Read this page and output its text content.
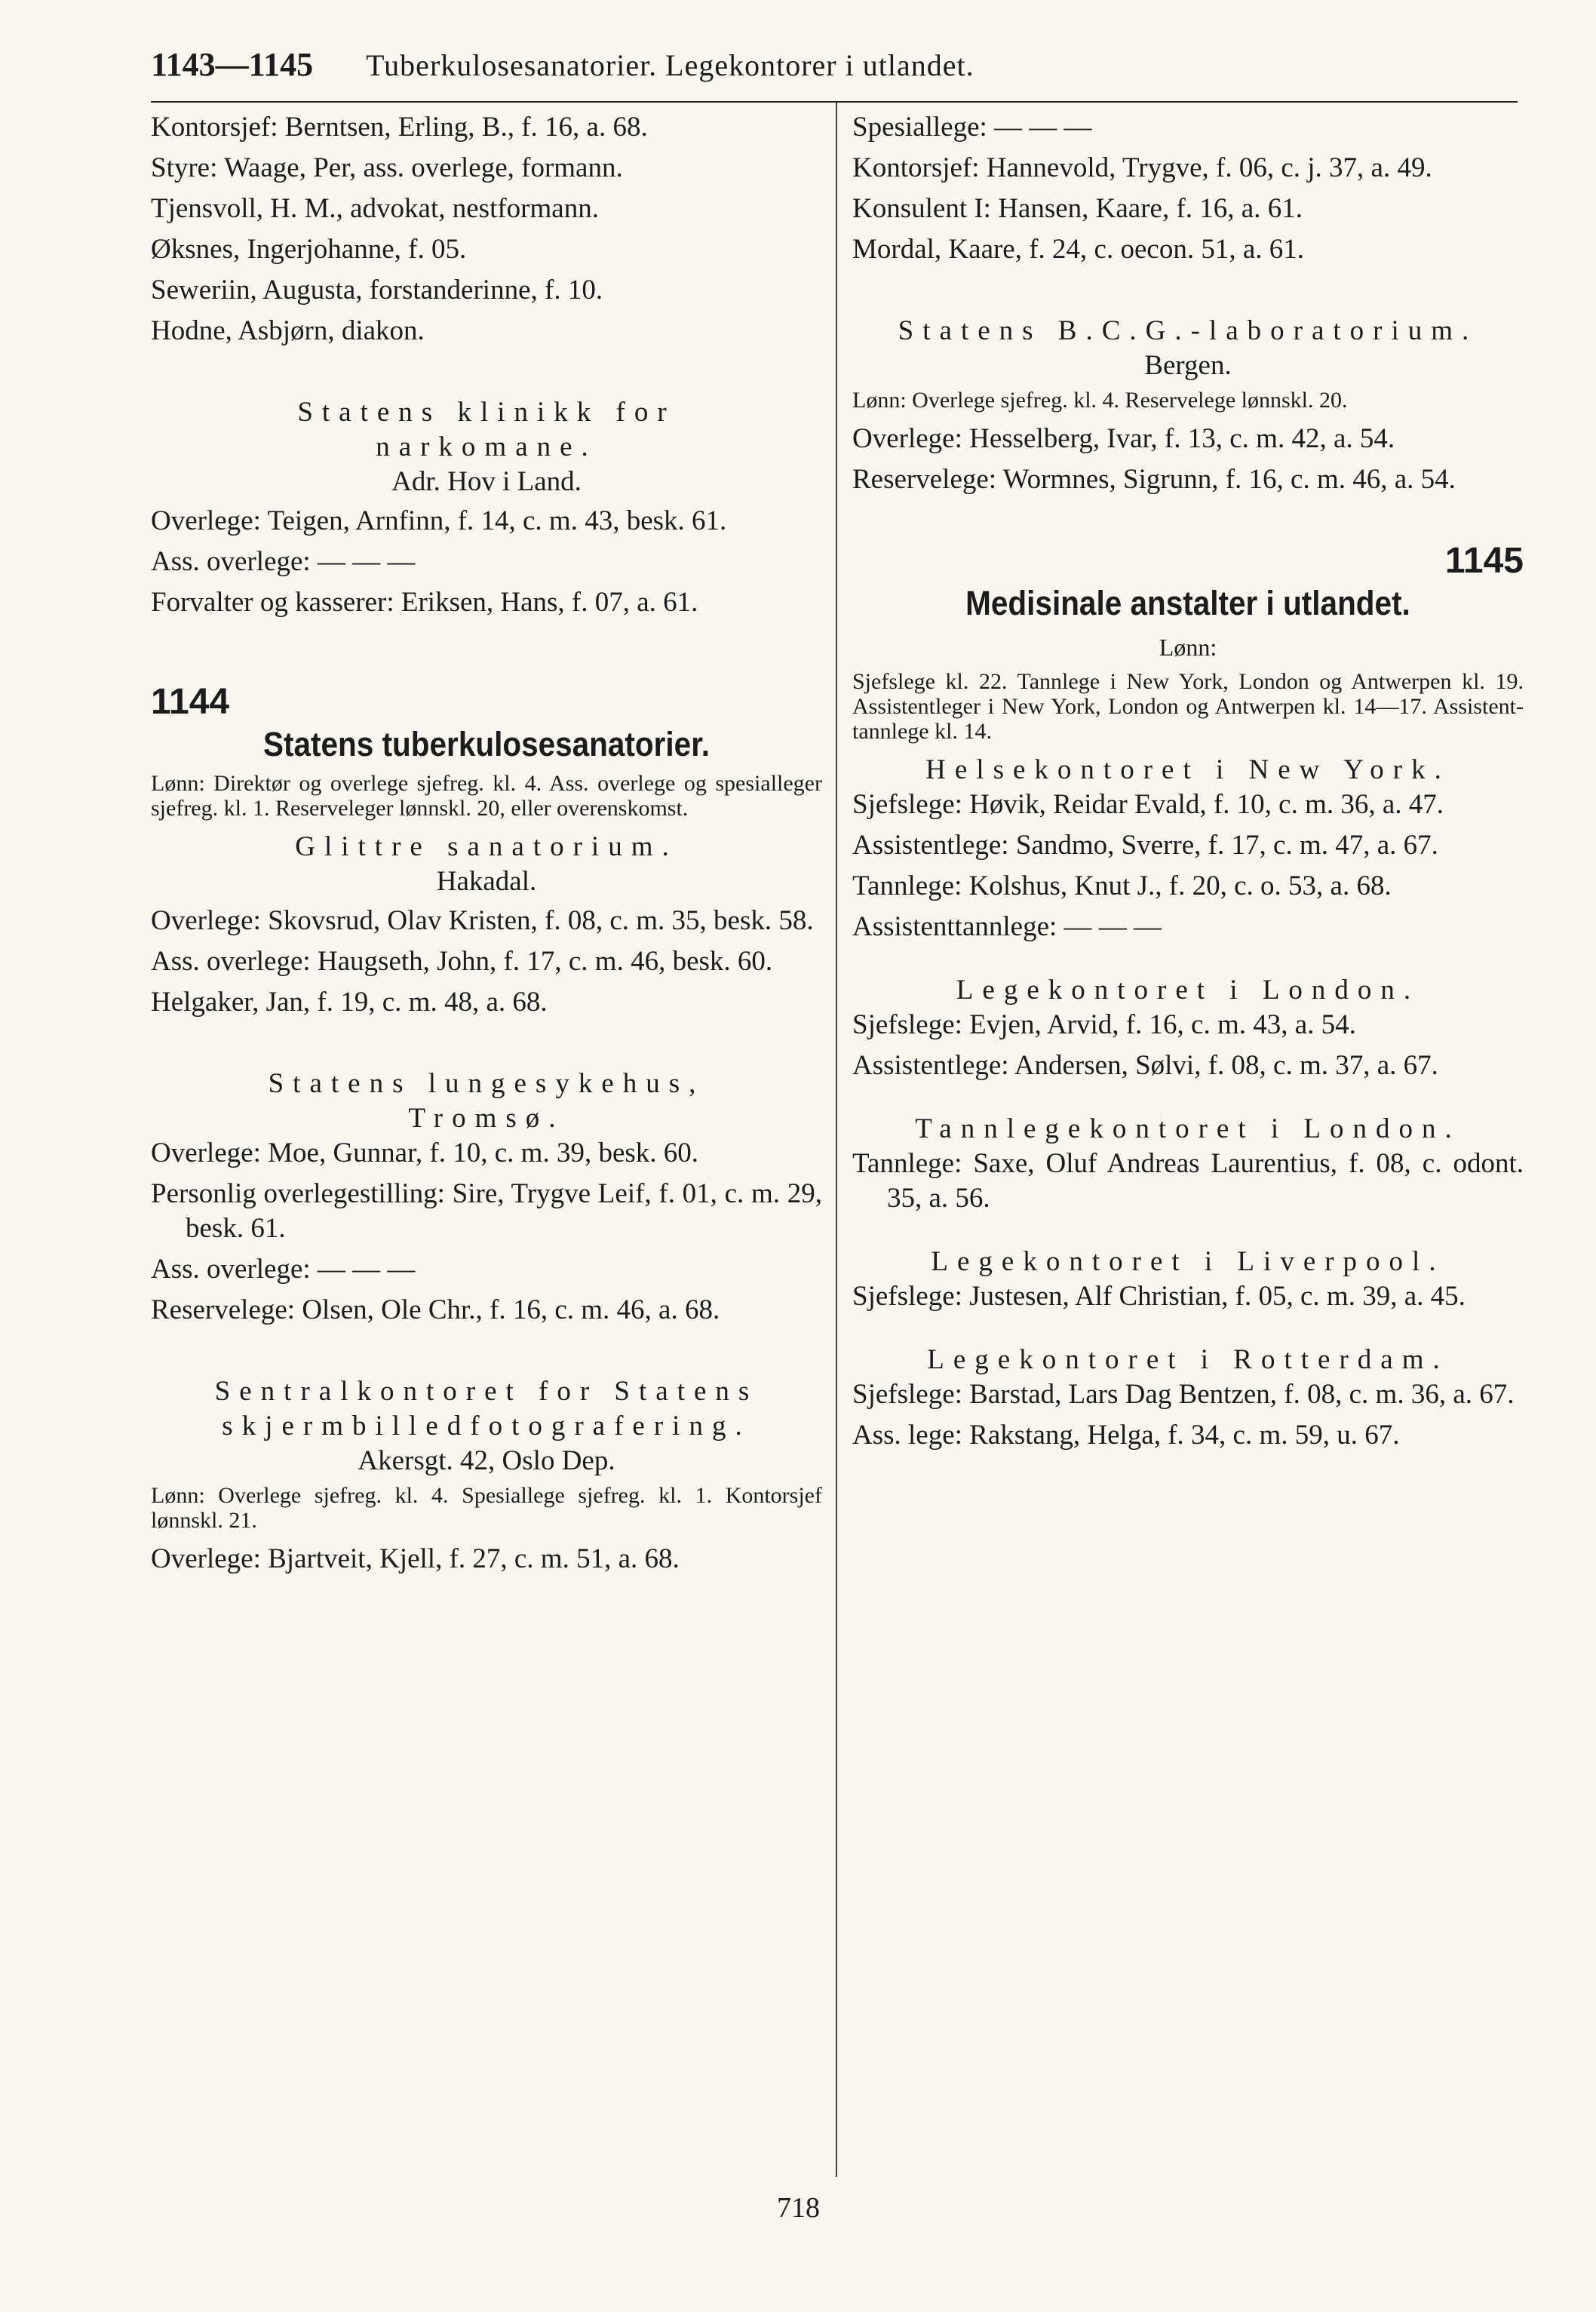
1143—1145 Tuberkulosesanatorier. Legekontorer i utlandet.

Kontorsjef: Berntsen, Erling, B., f. 16, a. 68.

Styre: Waage, Per, ass. overlege, formann.

Tjensvoll, H. M., advokat, nestformann.

Øksnes, Ingerjohanne, f. 05.

Seweriin, Augusta, forstanderinne, f. 10.

Hodne, Asbjørn, diakon.

Statens klinikk for

narkomane.

Adr. Hov i Land.

Overlege: Teigen, Arnfinn, f. 14, c. m. 43, besk. 61.

Ass. overlege: — — —

Forvalter og kasserer: Eriksen, Hans, f. 07, a. 61.

1144

Statens tuberkulosesanatorier.

Lønn: Direktør og overlege sjefreg. kl. 4. Ass. overlege og spesialleger sjefreg. kl. 1. Reserveleger lønnskl. 20, eller overenskomst.

Glittre sanatorium.

Hakadal.

Overlege: Skovsrud, Olav Kristen, f. 08, c. m. 35, besk. 58.

Ass. overlege: Haugseth, John, f. 17, c. m. 46, besk. 60.

Helgaker, Jan, f. 19, c. m. 48, a. 68.

Statens lungesykehus,

Tromsø.

Overlege: Moe, Gunnar, f. 10, c. m. 39, besk. 60.

Personlig overlegestilling: Sire, Trygve Leif, f. 01, c. m. 29, besk. 61.

Ass. overlege: — — —

Reservelege: Olsen, Ole Chr., f. 16, c. m. 46, a. 68.

Sentralkontoret for Statens

skjermbilledfotografering.

Akersgt. 42, Oslo Dep.

Lønn: Overlege sjefreg. kl. 4. Spesiallege sjefreg. kl. 1. Kontorsjef lønnskl. 21.

Overlege: Bjartveit, Kjell, f. 27, c. m. 51, a. 68.

Spesiallege: — — —

Kontorsjef: Hannevold, Trygve, f. 06, c. j. 37, a. 49.

Konsulent I: Hansen, Kaare, f. 16, a. 61.

Mordal, Kaare, f. 24, c. oecon. 51, a. 61.

Statens B.C.G.-laboratorium.

Bergen.

Lønn: Overlege sjefreg. kl. 4. Reservelege lønnskl. 20.

Overlege: Hesselberg, Ivar, f. 13, c. m. 42, a. 54.

Reservelege: Wormnes, Sigrunn, f. 16, c. m. 46, a. 54.

1145

Medisinale anstalter i utlandet.

Lønn:

Sjefslege kl. 22. Tannlege i New York, London og Antwerpen kl. 19. Assistentleger i New York, London og Antwerpen kl. 14—17. Assistent-tannlege kl. 14.

Helsekontoret i New York.

Sjefslege: Høvik, Reidar Evald, f. 10, c. m. 36, a. 47.

Assistentlege: Sandmo, Sverre, f. 17, c. m. 47, a. 67.

Tannlege: Kolshus, Knut J., f. 20, c. o. 53, a. 68.

Assistenttannlege: — — —

Legekontoret i London.

Sjefslege: Evjen, Arvid, f. 16, c. m. 43, a. 54.

Assistentlege: Andersen, Sølvi, f. 08, c. m. 37, a. 67.

Tannlegekontoret i London.

Tannlege: Saxe, Oluf Andreas Laurentius, f. 08, c. odont. 35, a. 56.

Legekontoret i Liverpool.

Sjefslege: Justesen, Alf Christian, f. 05, c. m. 39, a. 45.

Legekontoret i Rotterdam.

Sjefslege: Barstad, Lars Dag Bentzen, f. 08, c. m. 36, a. 67.

Ass. lege: Rakstang, Helga, f. 34, c. m. 59, u. 67.

718
